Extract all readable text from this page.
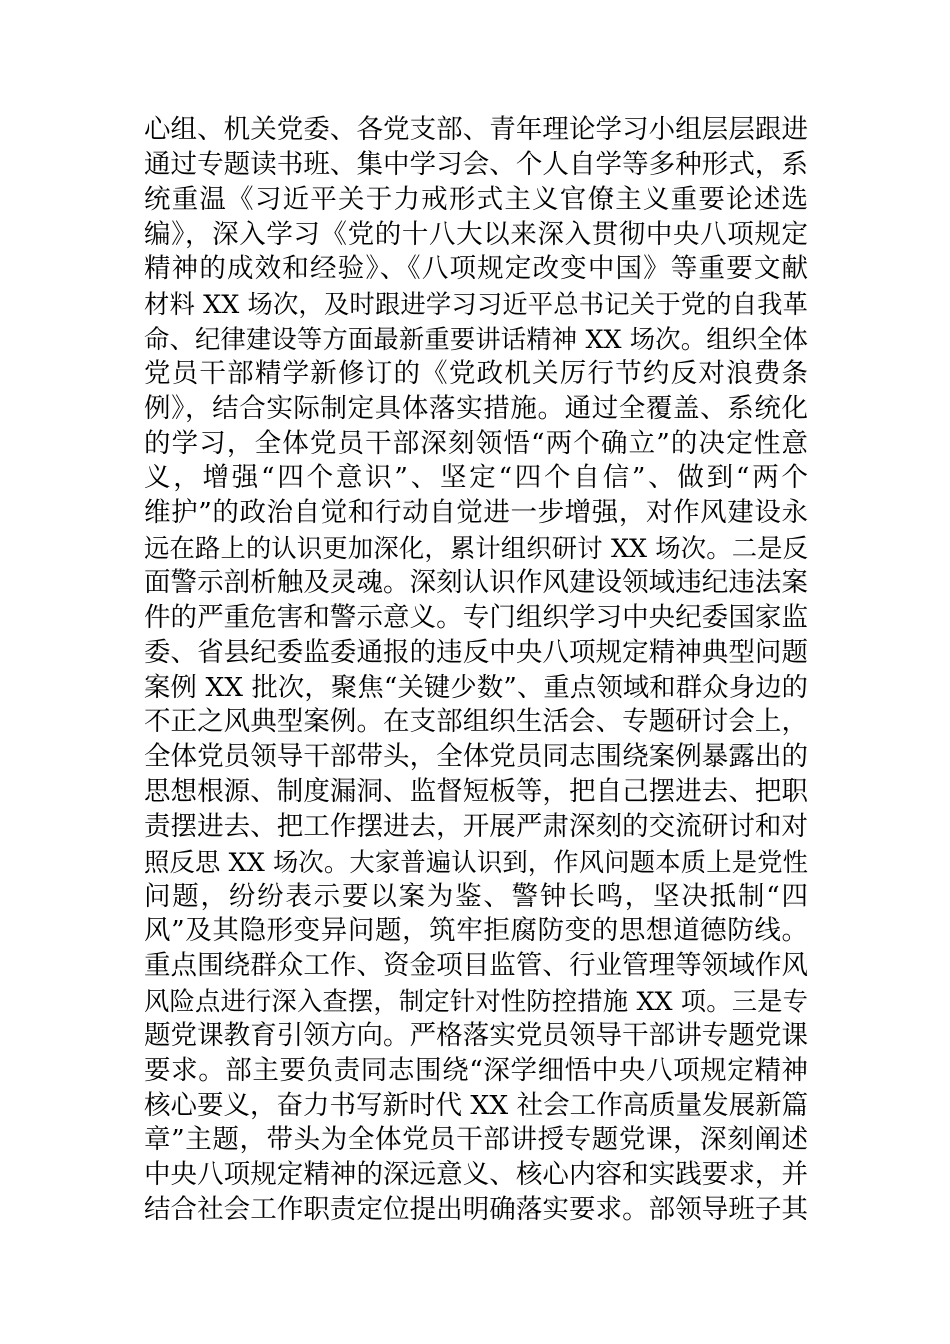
心组、机关党委、各党支部、青年理论学习小组层层跟进
通过专题读书班、集中学习会、个人自学等多种形式，系
统重温《习近平关于力戒形式主义官僚主义重要论述选
编》，深入学习《党的十八大以来深入贯彻中央八项规定
精神的成效和经验》、《八项规定改变中国》等重要文献
材料 XX 场次，及时跟进学习习近平总书记关于党的自我革
命、纪律建设等方面最新重要讲话精神 XX 场次。组织全体
党员干部精学新修订的《党政机关厉行节约反对浪费条
例》，结合实际制定具体落实措施。通过全覆盖、系统化
的学习，全体党员干部深刻领悟“两个确立”的决定性意
义，增强“四个意识”、坚定“四个自信”、做到“两个
维护”的政治自觉和行动自觉进一步增强，对作风建设永
远在路上的认识更加深化，累计组织研讨 XX 场次。二是反
面警示剖析触及灵魂。深刻认识作风建设领域违纪违法案
件的严重危害和警示意义。专门组织学习中央纪委国家监
委、省县纪委监委通报的违反中央八项规定精神典型问题
案例 XX 批次，聚焦“关键少数”、重点领域和群众身边的
不正之风典型案例。在支部组织生活会、专题研讨会上，
全体党员领导干部带头，全体党员同志围绕案例暴露出的
思想根源、制度漏洞、监督短板等，把自己摆进去、把职
责摆进去、把工作摆进去，开展严肃深刻的交流研讨和对
照反思 XX 场次。大家普遍认识到，作风问题本质上是党性
问题，纷纷表示要以案为鉴、警钟长鸣，坚决抵制“四
风”及其隐形变异问题，筑牢拒腐防变的思想道德防线。
重点围绕群众工作、资金项目监管、行业管理等领域作风
风险点进行深入查摆，制定针对性防控措施 XX 项。三是专
题党课教育引领方向。严格落实党员领导干部讲专题党课
要求。部主要负责同志围绕“深学细悟中央八项规定精神
核心要义，奋力书写新时代 XX 社会工作高质量发展新篇
章”主题，带头为全体党员干部讲授专题党课，深刻阐述
中央八项规定精神的深远意义、核心内容和实践要求，并
结合社会工作职责定位提出明确落实要求。部领导班子其
